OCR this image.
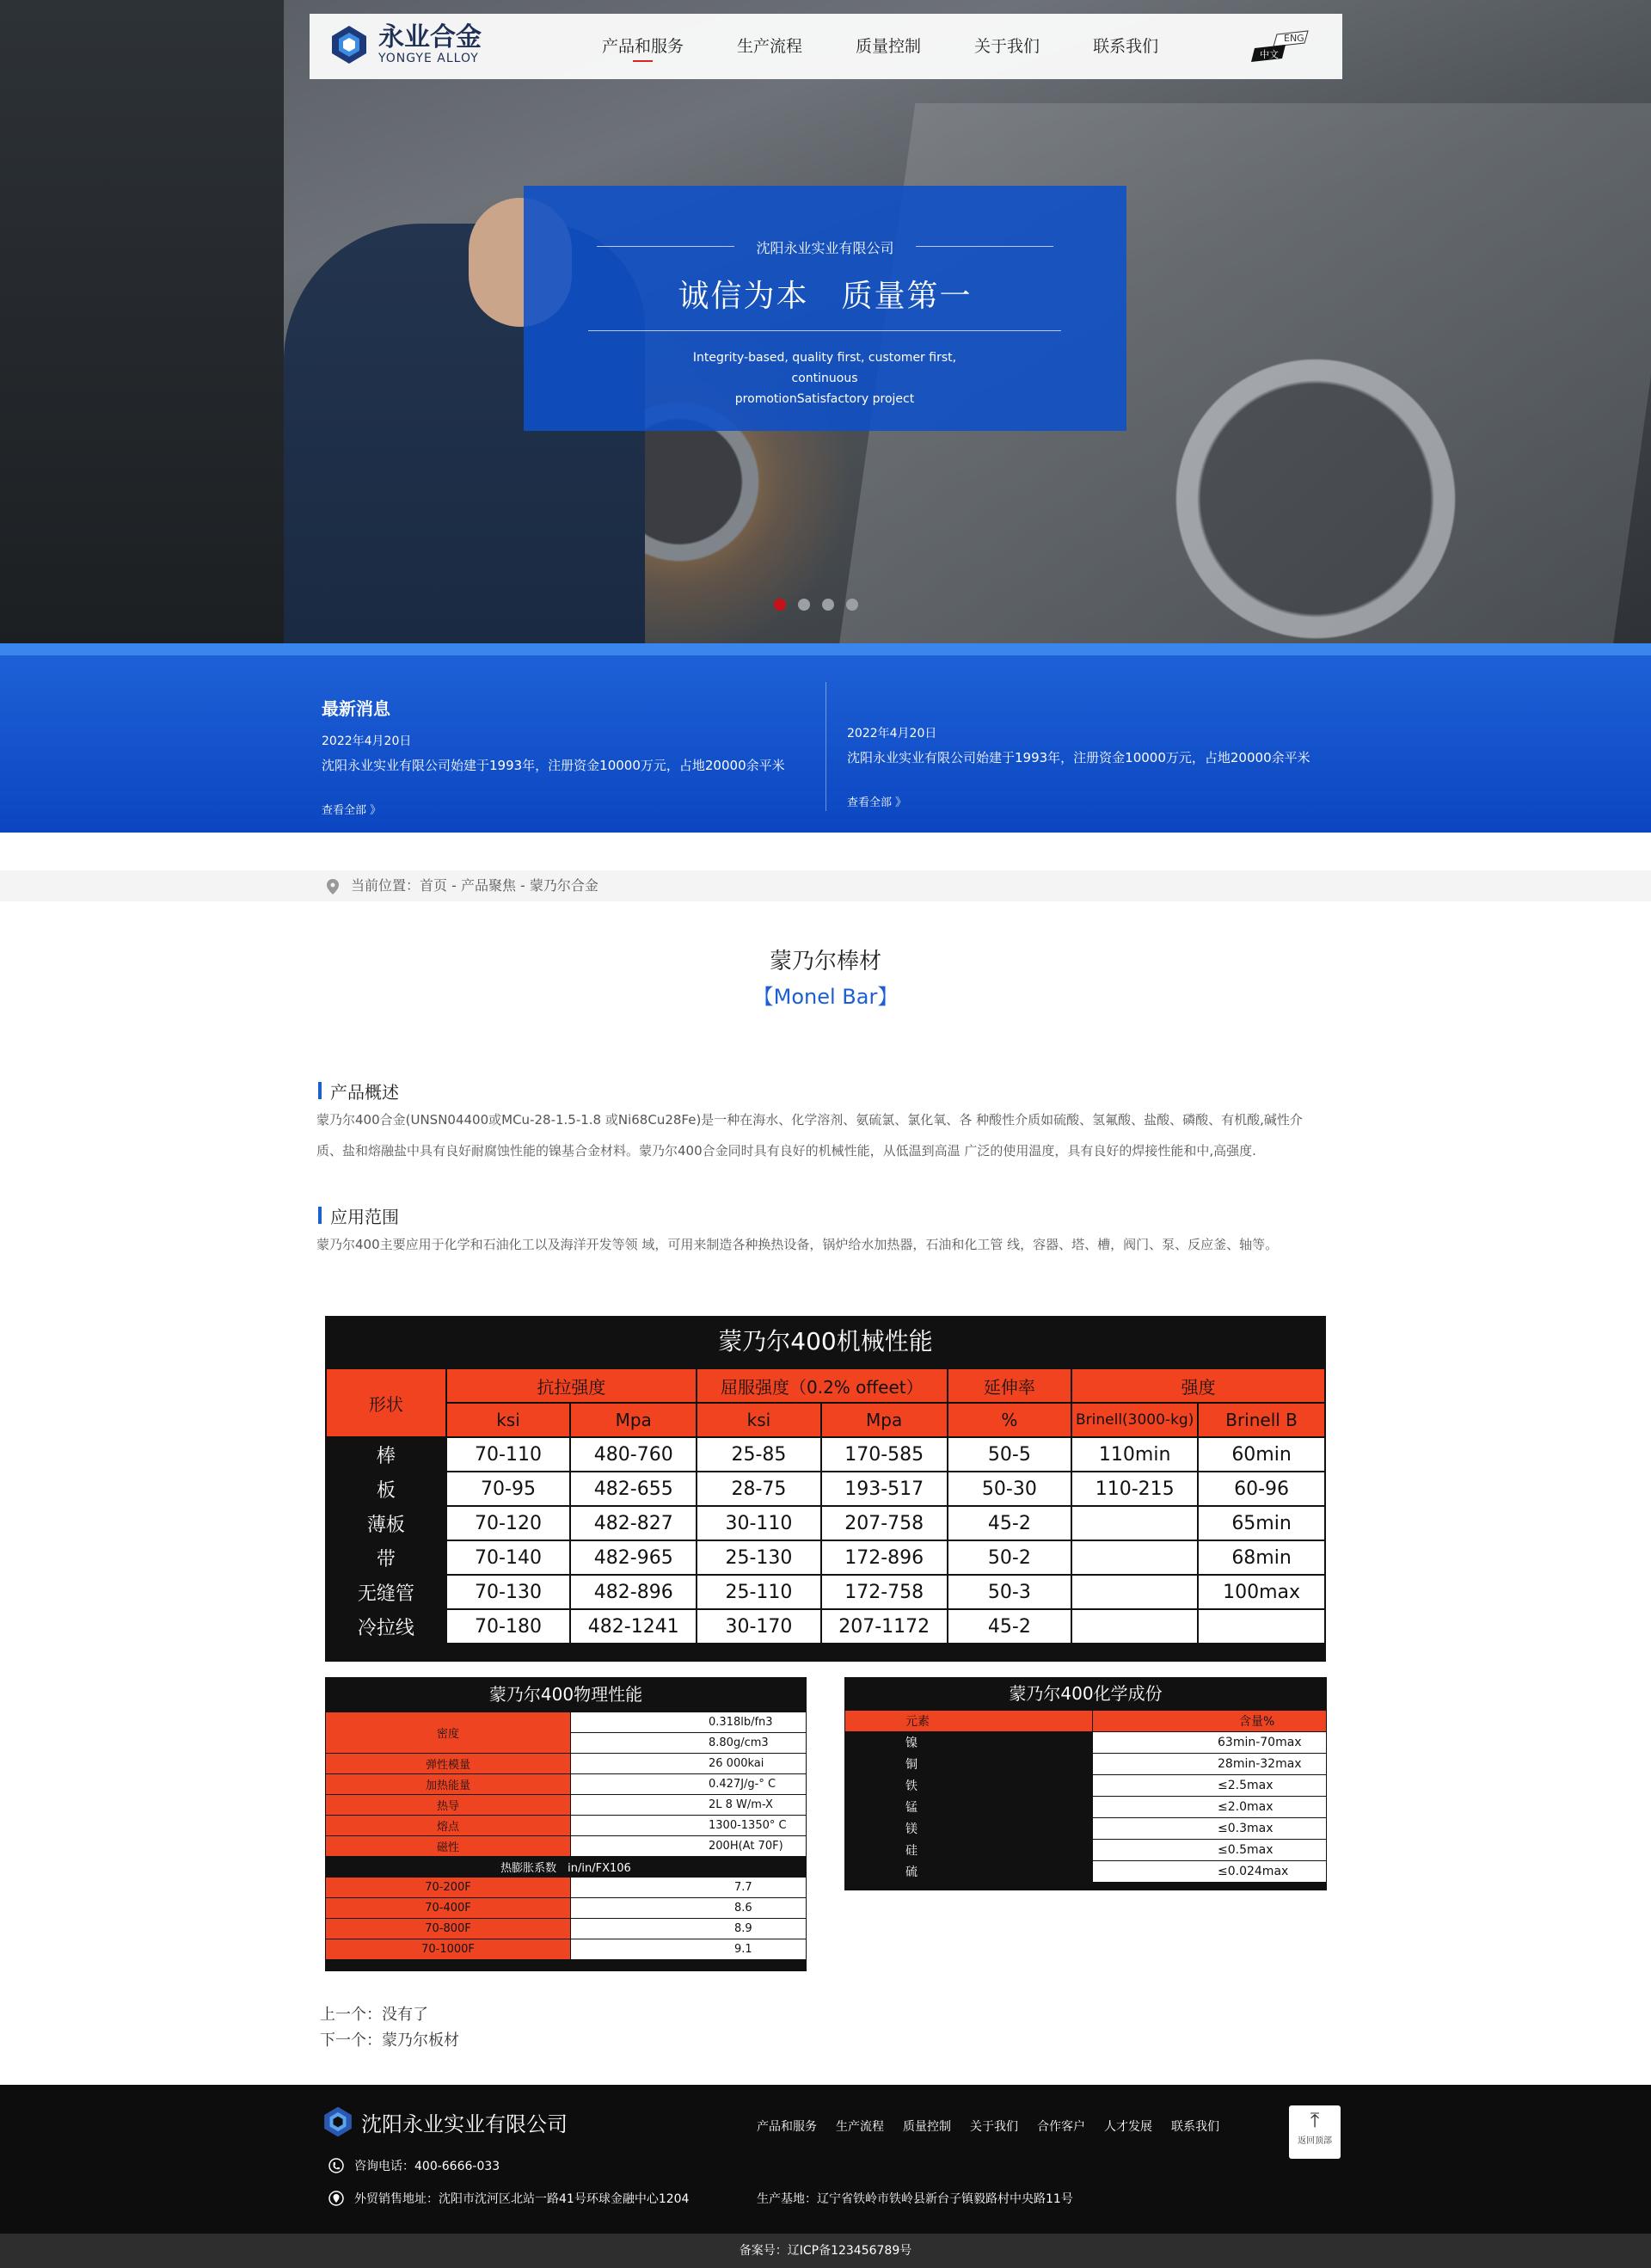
永业合金
YONGYE ALLOY
产品和服务	生产流程	质量控制	关于我们	联系我们	ENG
中文
沈阳永业实业有限公司
诚信为本　质量第一
Integrity-based, quality first, customer first, continuous
promotionSatisfactory project
最新消息
2022年4月20日
沈阳永业实业有限公司始建于1993年，注册资金10000万元，占地20000余平米
查看全部 》
2022年4月20日
沈阳永业实业有限公司始建于1993年，注册资金10000万元，占地20000余平米
查看全部 》
当前位置：首页 - 产品聚焦 - 蒙乃尔合金
蒙乃尔棒材
【Monel Bar】
产品概述
蒙乃尔400合金(UNSN04400或MCu-28-1.5-1.8 或Ni68Cu28Fe)是一种在海水、化学溶剂、氨硫氯、氯化氧、各 种酸性介质如硫酸、氢氟酸、盐酸、磷酸、有机酸,碱性介质、盐和熔融盐中具有良好耐腐蚀性能的镍基合金材料。蒙乃尔400合金同时具有良好的机械性能，从低温到高温 广泛的使用温度，具有良好的焊接性能和中,高强度.
应用范围
蒙乃尔400主要应用于化学和石油化工以及海洋开发等领 域，可用来制造各种换热设备，锅炉给水加热器，石油和化工管 线，容器、塔、槽，阀门、泵、反应釜、轴等。
蒙乃尔400机械性能
形状	抗拉强度		屈服强度（0.2% offeet）		延伸率	强度	
	ksi	Mpa	ksi	Mpa	%	Brinell(3000-kg)	Brinell B
棒	70-110	480-760	25-85	170-585	50-5	110min	60min
板	70-95	482-655	28-75	193-517	50-30	110-215	60-96
薄板	70-120	482-827	30-110	207-758	45-2		65min
带	70-140	482-965	25-130	172-896	50-2		68min
无缝管	70-130	482-896	25-110	172-758	50-3		100max
冷拉线	70-180	482-1241	30-170	207-1172	45-2		
蒙乃尔400物理性能
密度	0.318lb/fn3
	8.80g/cm3
弹性模量	26 000kai
加热能量	0.427J/g-° C
热导	2L 8 W/m-X
熔点	1300-1350° C
磁性	200H(At 70F)
热膨胀系数　in/in/FX106	
70-200F	7.7
70-400F	8.6
70-800F	8.9
70-1000F	9.1
蒙乃尔400化学成份
元素	含量%
镍	63min-70max
铜	28min-32max
铁	≤2.5max
锰	≤2.0max
镁	≤0.3max
硅	≤0.5max
硫	≤0.024max
上一个：没有了
下一个：蒙乃尔板材
沈阳永业实业有限公司	产品和服务 生产流程 质量控制 关于我们 合作客户 人才发展 联系我们	⤒
返回顶部
咨询电话：400-6666-033
外贸销售地址：沈阳市沈河区北站一路41号环球金融中心1204	生产基地：辽宁省铁岭市铁岭县新台子镇毅路村中央路11号
备案号：辽ICP备123456789号
